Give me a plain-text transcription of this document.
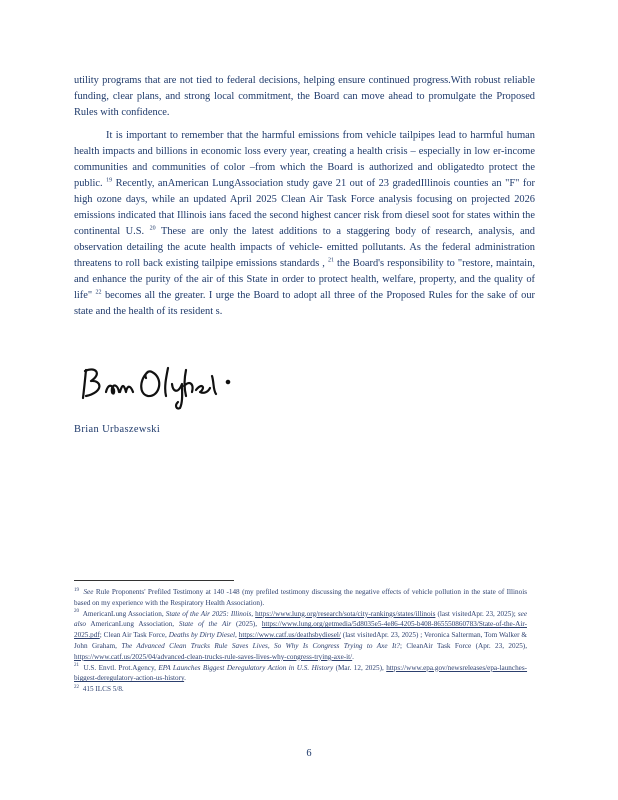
utility programs that are not tied to federal decisions, helping ensure continued progress.With robust reliable funding, clear plans, and strong local commitment, the Board can move ahead to promulgate the Proposed Rules with confidence.

It is important to remember that the harmful emissions from vehicle tailpipes lead to harmful human health impacts and billions in economic loss every year, creating a health crisis – especially in low er-income communities and communities of color –from which the Board is authorized and obligatedto protect the public. $^{19}$ Recently, anAmerican LungAssociation study gave 21 out of 23 gradedIllinois counties an "F" for high ozone days, while an updated April 2025 Clean Air Task Force analysis focusing on projected 2026 emissions indicated that Illinois ians faced the second highest cancer risk from diesel soot for states within the continental U.S. $^{20}$ These are only the latest additions to a staggering body of research, analysis, and observation detailing the acute health impacts of vehicle- emitted pollutants. As the federal administration threatens to roll back existing tailpipe emissions standards , $^{21}$ the Board's responsibility to "restore, maintain, and enhance the purity of the air of this State in order to protect health, welfare, property, and the quality of life" $^{22}$ becomes all the greater. I urge the Board to adopt all three of the Proposed Rules for the sake of our state and the health of its resident s.

Brian Urbaszewski

$^{19}$ See Rule Proponents' Prefiled Testimony at 140 -148 (my prefiled testimony discussing the negative effects of vehicle pollution in the state of Illinois based on my experience with the Respiratory Health Association).

$^{20}$ AmericanLung Association, State of the Air 2025: Illinois, https://www.lung.org/research/sota/city-rankings/states/illinois (last visitedApr. 23, 2025); see also AmericanLung Association, State of the Air (2025), https://www.lung.org/getmedia/5d8035e5-4e86-4205-b408-865550860783/State-of-the-Air-2025.pdf; Clean Air Task Force, Deaths by Dirty Diesel, https://www.catf.us/deathsbydiesel/ (last visitedApr. 23, 2025) ; Veronica Salterman, Tom Walker & John Graham, The Advanced Clean Trucks Rule Saves Lives, So Why Is Congress Trying to Axe It?; CleanAir Task Force (Apr. 23, 2025), https://www.catf.us/2025/04/advanced-clean-trucks-rule-saves-lives-why-congress-trying-axe-it/.

$^{21}$ U.S. Envtl. Prot.Agency, EPA Launches Biggest Deregulatory Action in U.S. History (Mar. 12, 2025), https://www.epa.gov/newsreleases/epa-launches-biggest-deregulatory-action-us-history.

$^{22}$ 415 ILCS 5/8.

6
